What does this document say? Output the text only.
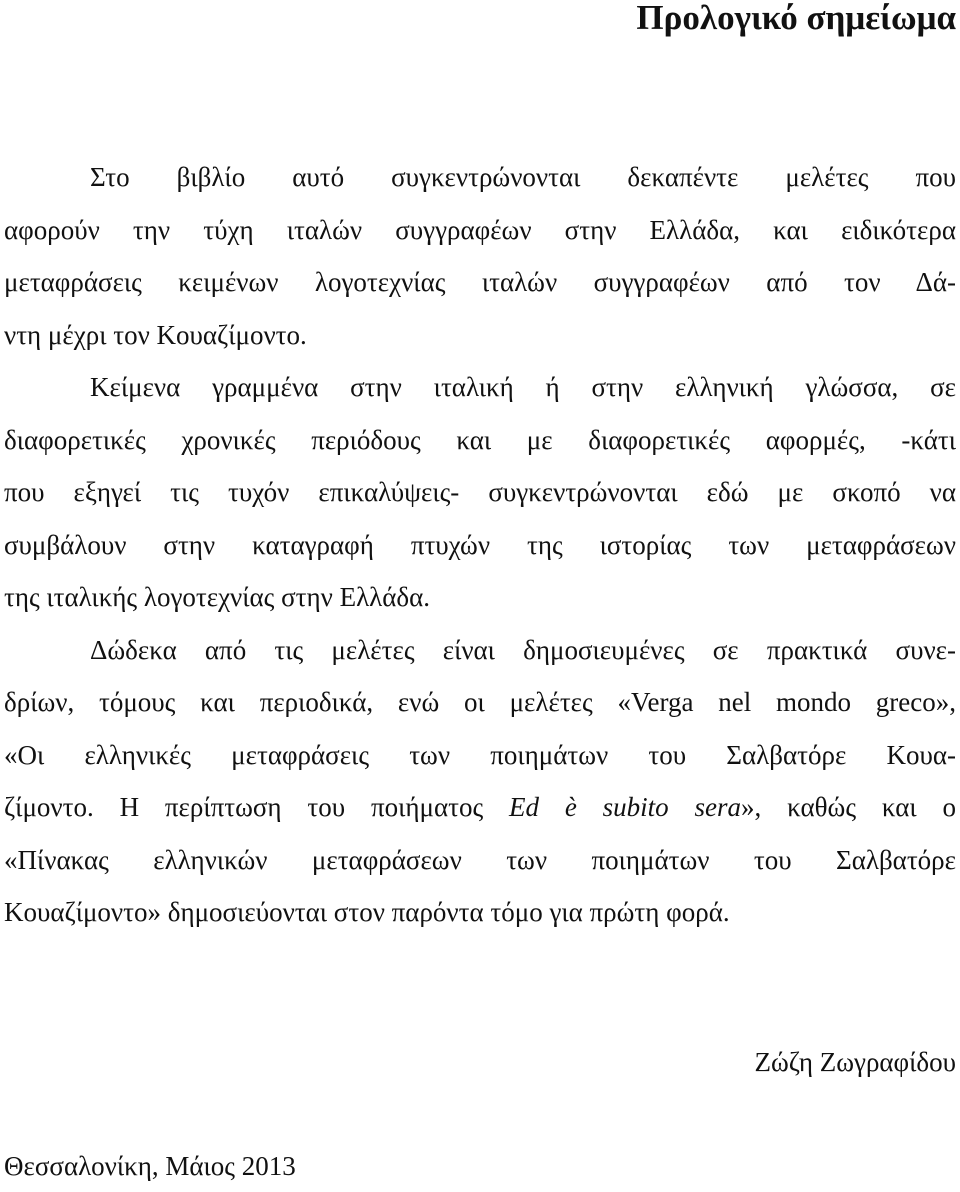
Προλογικό σημείωμα

Στο βιβλίο αυτό συγκεντρώνονται δεκαπέντε μελέτες που
αφορούν την τύχη ιταλών συγγραφέων στην Ελλάδα, και ειδικότερα
μεταφράσεις κειμένων λογοτεχνίας ιταλών συγγραφέων από τον Δά-
ντη μέχρι τον Κουαζίμοντο.

Κείμενα γραμμένα στην ιταλική ή στην ελληνική γλώσσα, σε
διαφορετικές χρονικές περιόδους και με διαφορετικές αφορμές, -κάτι
που εξηγεί τις τυχόν επικαλύψεις- συγκεντρώνονται εδώ με σκοπό να
συμβάλουν στην καταγραφή πτυχών της ιστορίας των μεταφράσεων
της ιταλικής λογοτεχνίας στην Ελλάδα.

Δώδεκα από τις μελέτες είναι δημοσιευμένες σε πρακτικά συνε-
δρίων, τόμους και περιοδικά, ενώ οι μελέτες «Verga nel mondo greco»,
«Οι ελληνικές μεταφράσεις των ποιημάτων του Σαλβατόρε Κουα-
ζίμοντο. Η περίπτωση του ποιήματος Ed è subito sera», καθώς και ο
«Πίνακας ελληνικών μεταφράσεων των ποιημάτων του Σαλβατόρε
Κουαζίμοντο» δημοσιεύονται στον παρόντα τόμο για πρώτη φορά.

Ζώζη Ζωγραφίδου
Θεσσαλονίκη, Μάιος 2013
